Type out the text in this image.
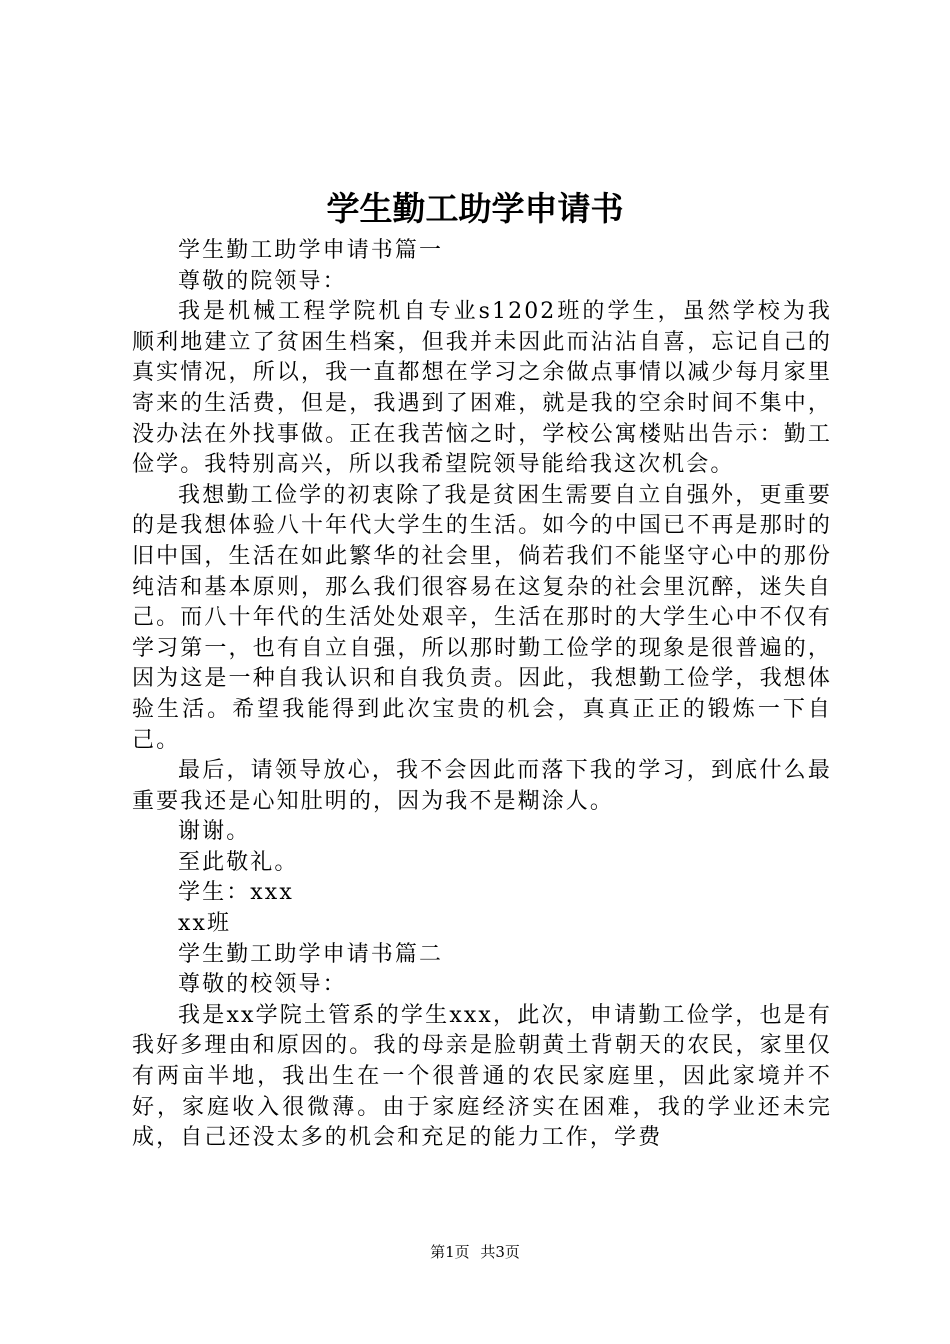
学生勤工助学申请书

学生勤工助学申请书篇一

尊敬的院领导：

我是机械工程学院机自专业s1202班的学生，虽然学校为我顺利地建立了贫困生档案，但我并未因此而沾沾自喜，忘记自己的真实情况，所以，我一直都想在学习之余做点事情以减少每月家里寄来的生活费，但是，我遇到了困难，就是我的空余时间不集中，没办法在外找事做。正在我苦恼之时，学校公寓楼贴出告示：勤工俭学。我特别高兴，所以我希望院领导能给我这次机会。

我想勤工俭学的初衷除了我是贫困生需要自立自强外，更重要的是我想体验八十年代大学生的生活。如今的中国已不再是那时的旧中国，生活在如此繁华的社会里，倘若我们不能坚守心中的那份纯洁和基本原则，那么我们很容易在这复杂的社会里沉醉，迷失自己。而八十年代的生活处处艰辛，生活在那时的大学生心中不仅有学习第一，也有自立自强，所以那时勤工俭学的现象是很普遍的，因为这是一种自我认识和自我负责。因此，我想勤工俭学，我想体验生活。希望我能得到此次宝贵的机会，真真正正的锻炼一下自己。

最后，请领导放心，我不会因此而落下我的学习，到底什么最重要我还是心知肚明的，因为我不是糊涂人。

谢谢。

至此敬礼。

学生：xxx

xx班

学生勤工助学申请书篇二

尊敬的校领导：

我是xx学院土管系的学生xxx，此次，申请勤工俭学，也是有我好多理由和原因的。我的母亲是脸朝黄土背朝天的农民，家里仅有两亩半地，我出生在一个很普通的农民家庭里，因此家境并不好，家庭收入很微薄。由于家庭经济实在困难，我的学业还未完成，自己还没太多的机会和充足的能力工作，学费

第1页 共3页
